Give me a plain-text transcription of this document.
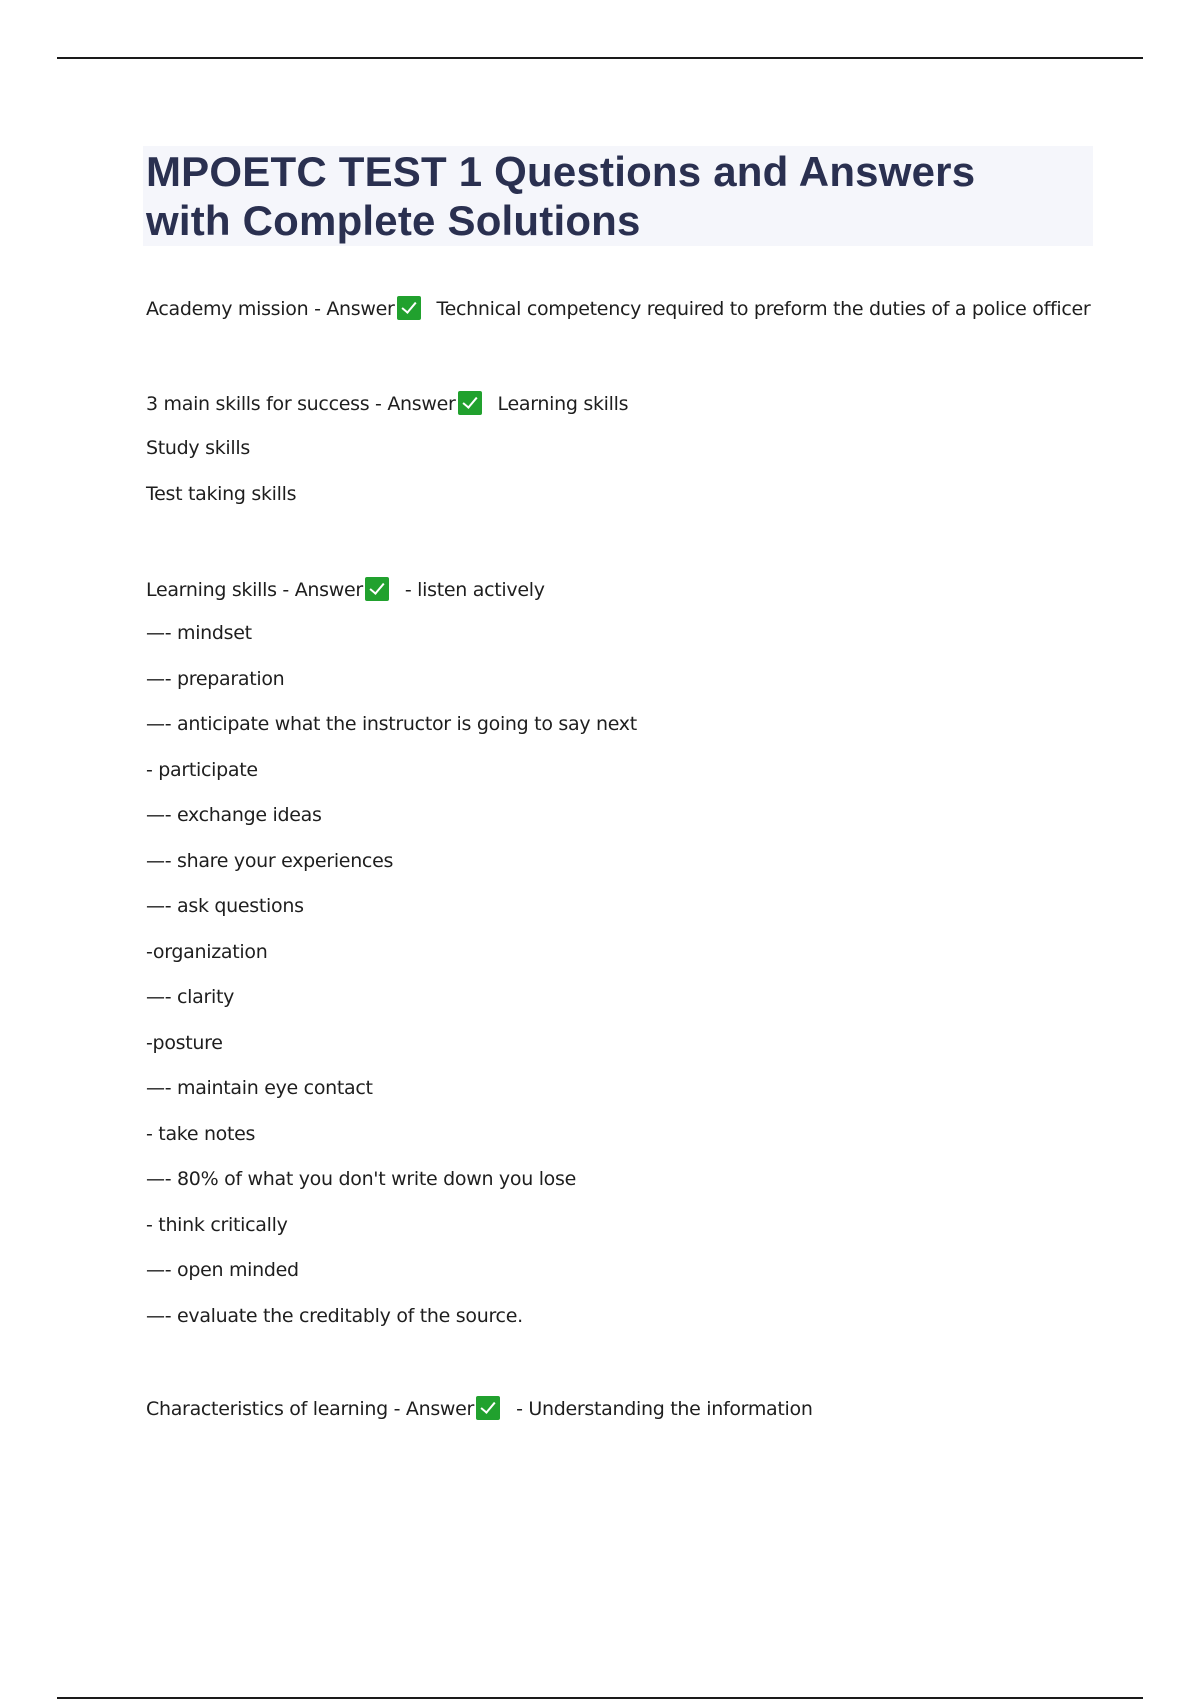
MPOETC TEST 1 Questions and Answers
with Complete Solutions
Academy mission - Answer Technical competency required to preform the duties of a police officer
3 main skills for success - Answer Learning skills
Study skills
Test taking skills
Learning skills - Answer - listen actively
—- mindset
—- preparation
—- anticipate what the instructor is going to say next
- participate
—- exchange ideas
—- share your experiences
—- ask questions
-organization
—- clarity
-posture
—- maintain eye contact
- take notes
—- 80% of what you don't write down you lose
- think critically
—- open minded
—- evaluate the creditably of the source.
Characteristics of learning - Answer - Understanding the information
